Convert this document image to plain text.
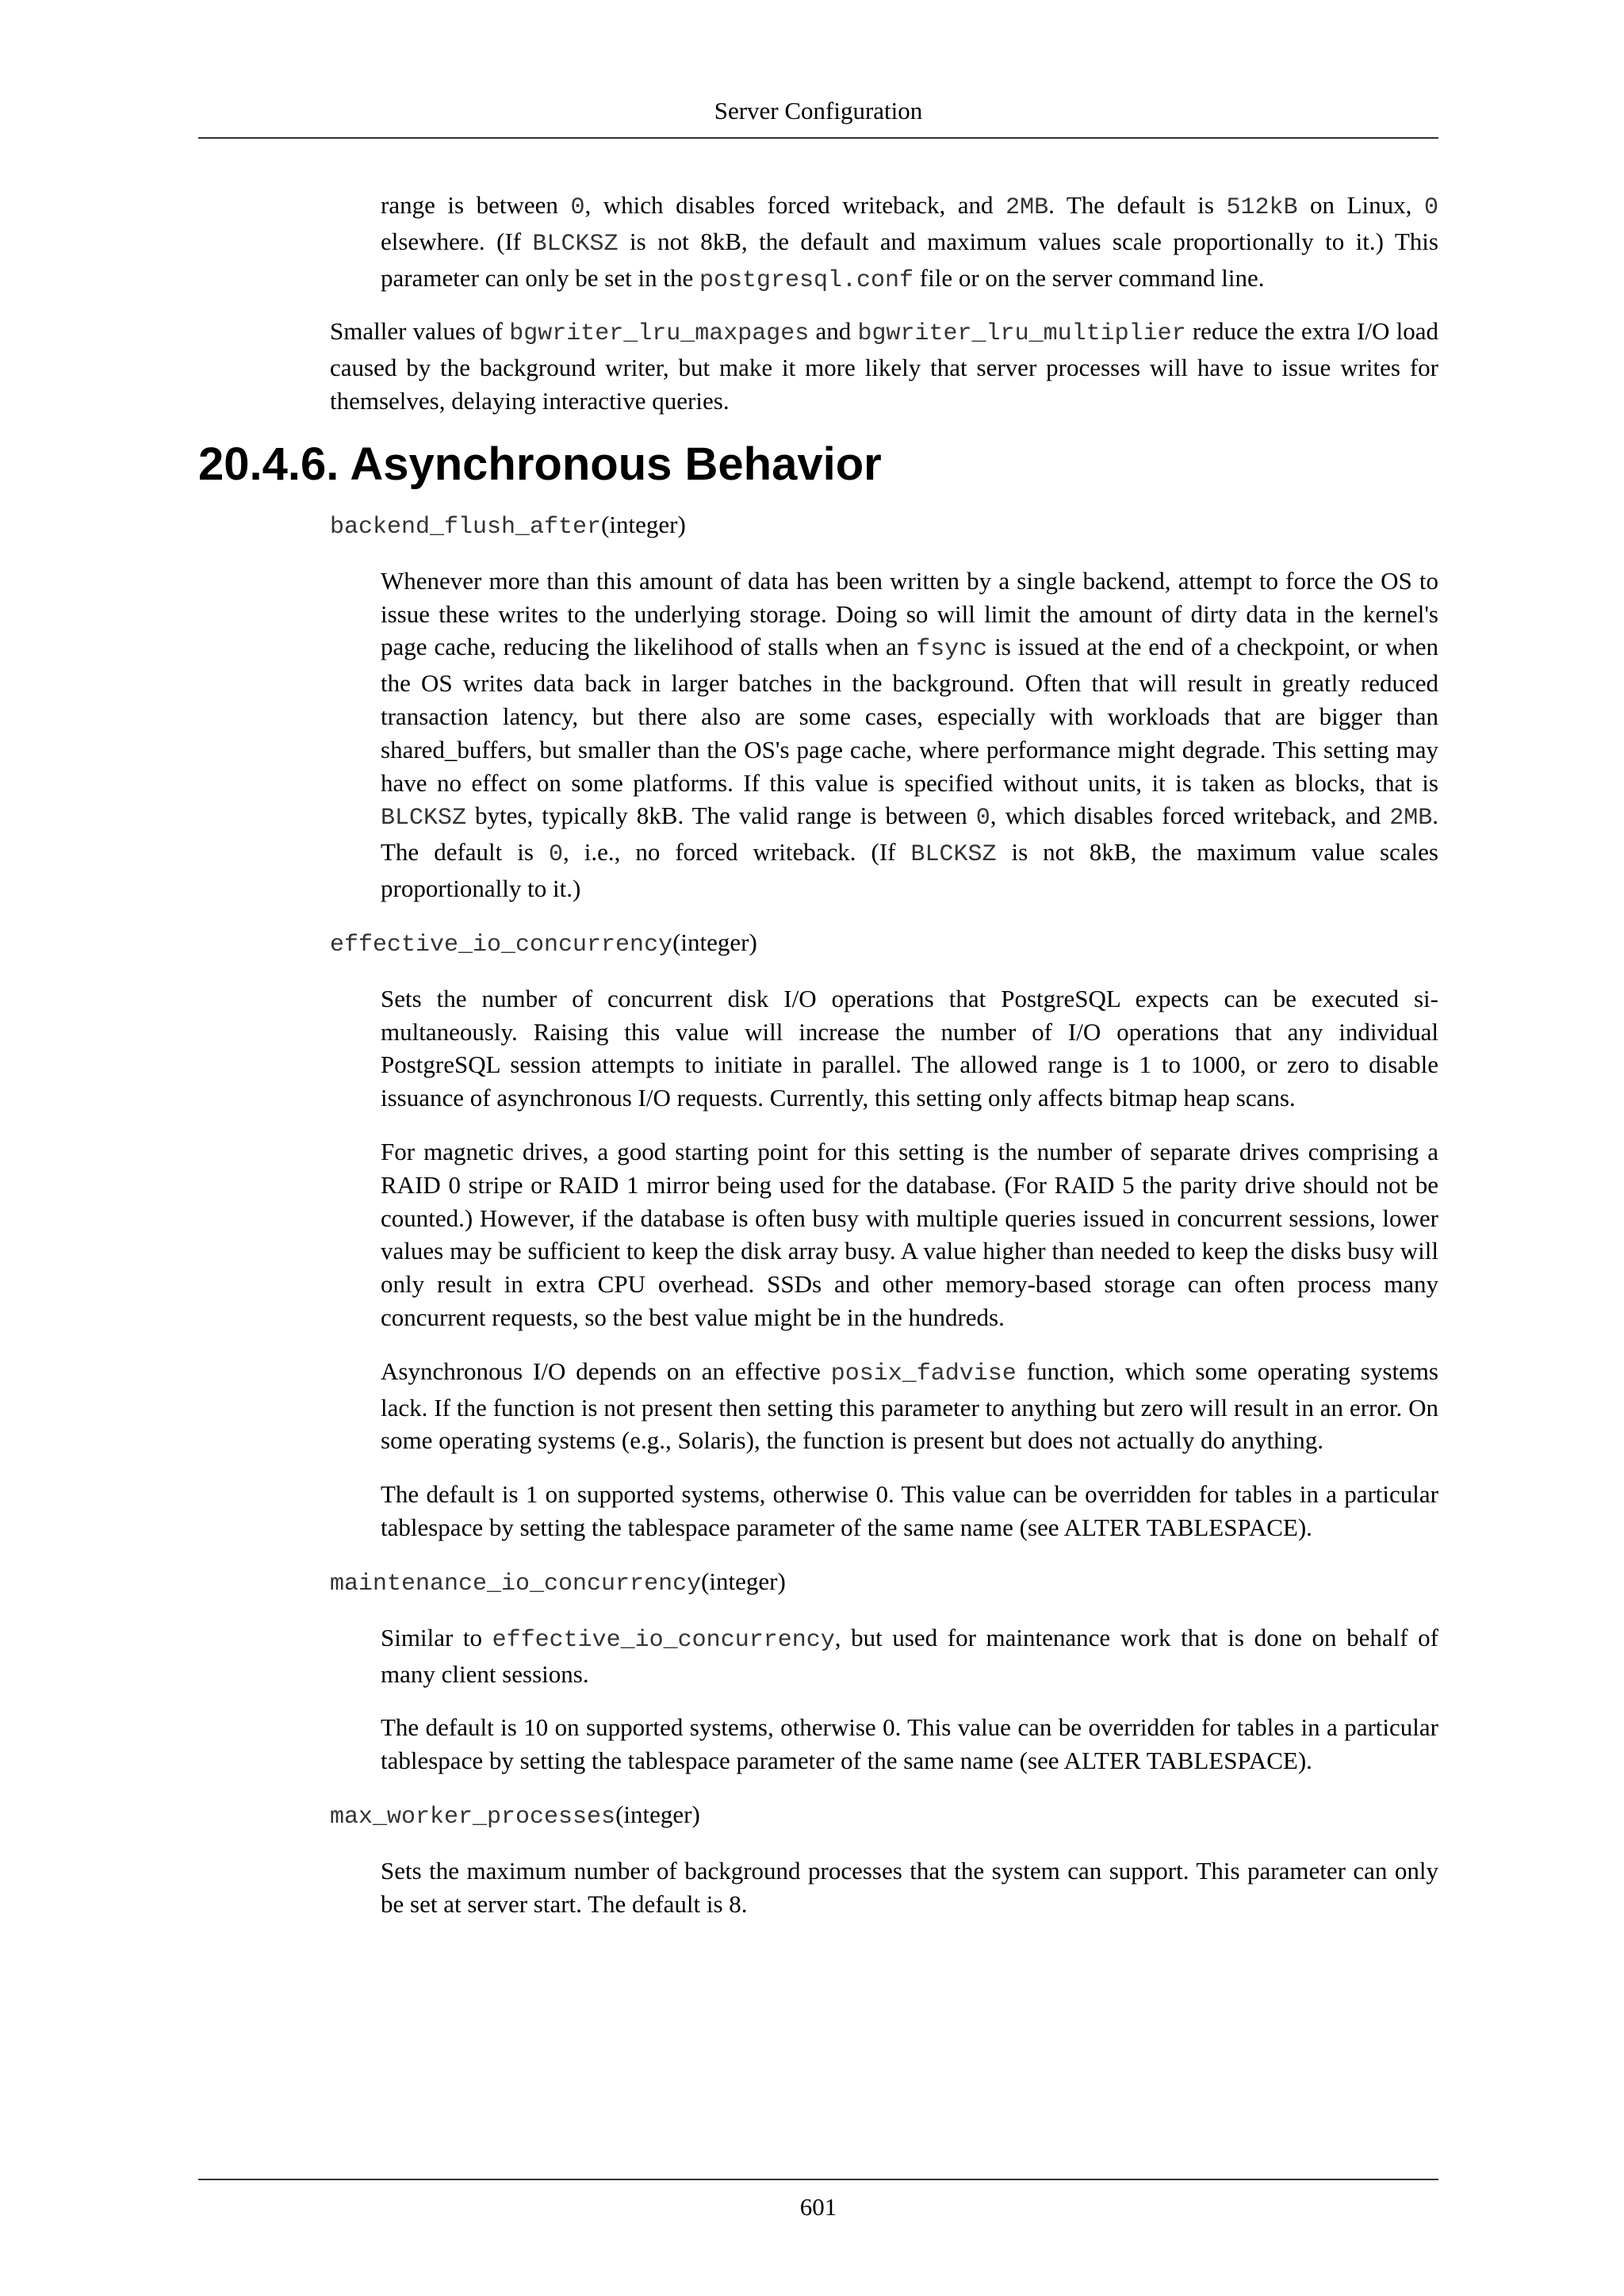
Server Configuration

range is between 0, which disables forced writeback, and 2MB. The default is 512kB on Linux, 0 elsewhere. (If BLCKSZ is not 8kB, the default and maximum values scale proportionally to it.) This parameter can only be set in the postgresql.conf file or on the server command line.

Smaller values of bgwriter_lru_maxpages and bgwriter_lru_multiplier reduce the extra I/O load caused by the background writer, but make it more likely that server processes will have to issue writes for themselves, delaying interactive queries.

20.4.6. Asynchronous Behavior
backend_flush_after(integer)

Whenever more than this amount of data has been written by a single backend, attempt to force the OS to issue these writes to the underlying storage. Doing so will limit the amount of dirty data in the kernel's page cache, reducing the likelihood of stalls when an fsync is issued at the end of a checkpoint, or when the OS writes data back in larger batches in the background. Often that will result in greatly reduced transaction latency, but there also are some cases, especially with workloads that are bigger than shared_buffers, but smaller than the OS's page cache, where performance might degrade. This setting may have no effect on some platforms. If this value is specified without units, it is taken as blocks, that is BLCKSZ bytes, typically 8kB. The valid range is between 0, which disables forced writeback, and 2MB. The default is 0, i.e., no forced writeback. (If BLCKSZ is not 8kB, the maximum value scales proportionally to it.)

effective_io_concurrency(integer)

Sets the number of concurrent disk I/O operations that PostgreSQL expects can be executed simultaneously. Raising this value will increase the number of I/O operations that any individual PostgreSQL session attempts to initiate in parallel. The allowed range is 1 to 1000, or zero to disable issuance of asynchronous I/O requests. Currently, this setting only affects bitmap heap scans.

For magnetic drives, a good starting point for this setting is the number of separate drives comprising a RAID 0 stripe or RAID 1 mirror being used for the database. (For RAID 5 the parity drive should not be counted.) However, if the database is often busy with multiple queries issued in concurrent sessions, lower values may be sufficient to keep the disk array busy. A value higher than needed to keep the disks busy will only result in extra CPU overhead. SSDs and other memory-based storage can often process many concurrent requests, so the best value might be in the hundreds.

Asynchronous I/O depends on an effective posix_fadvise function, which some operating systems lack. If the function is not present then setting this parameter to anything but zero will result in an error. On some operating systems (e.g., Solaris), the function is present but does not actually do anything.

The default is 1 on supported systems, otherwise 0. This value can be overridden for tables in a particular tablespace by setting the tablespace parameter of the same name (see ALTER TABLESPACE).

maintenance_io_concurrency(integer)

Similar to effective_io_concurrency, but used for maintenance work that is done on behalf of many client sessions.

The default is 10 on supported systems, otherwise 0. This value can be overridden for tables in a particular tablespace by setting the tablespace parameter of the same name (see ALTER TABLESPACE).

max_worker_processes(integer)

Sets the maximum number of background processes that the system can support. This parameter can only be set at server start. The default is 8.

601
